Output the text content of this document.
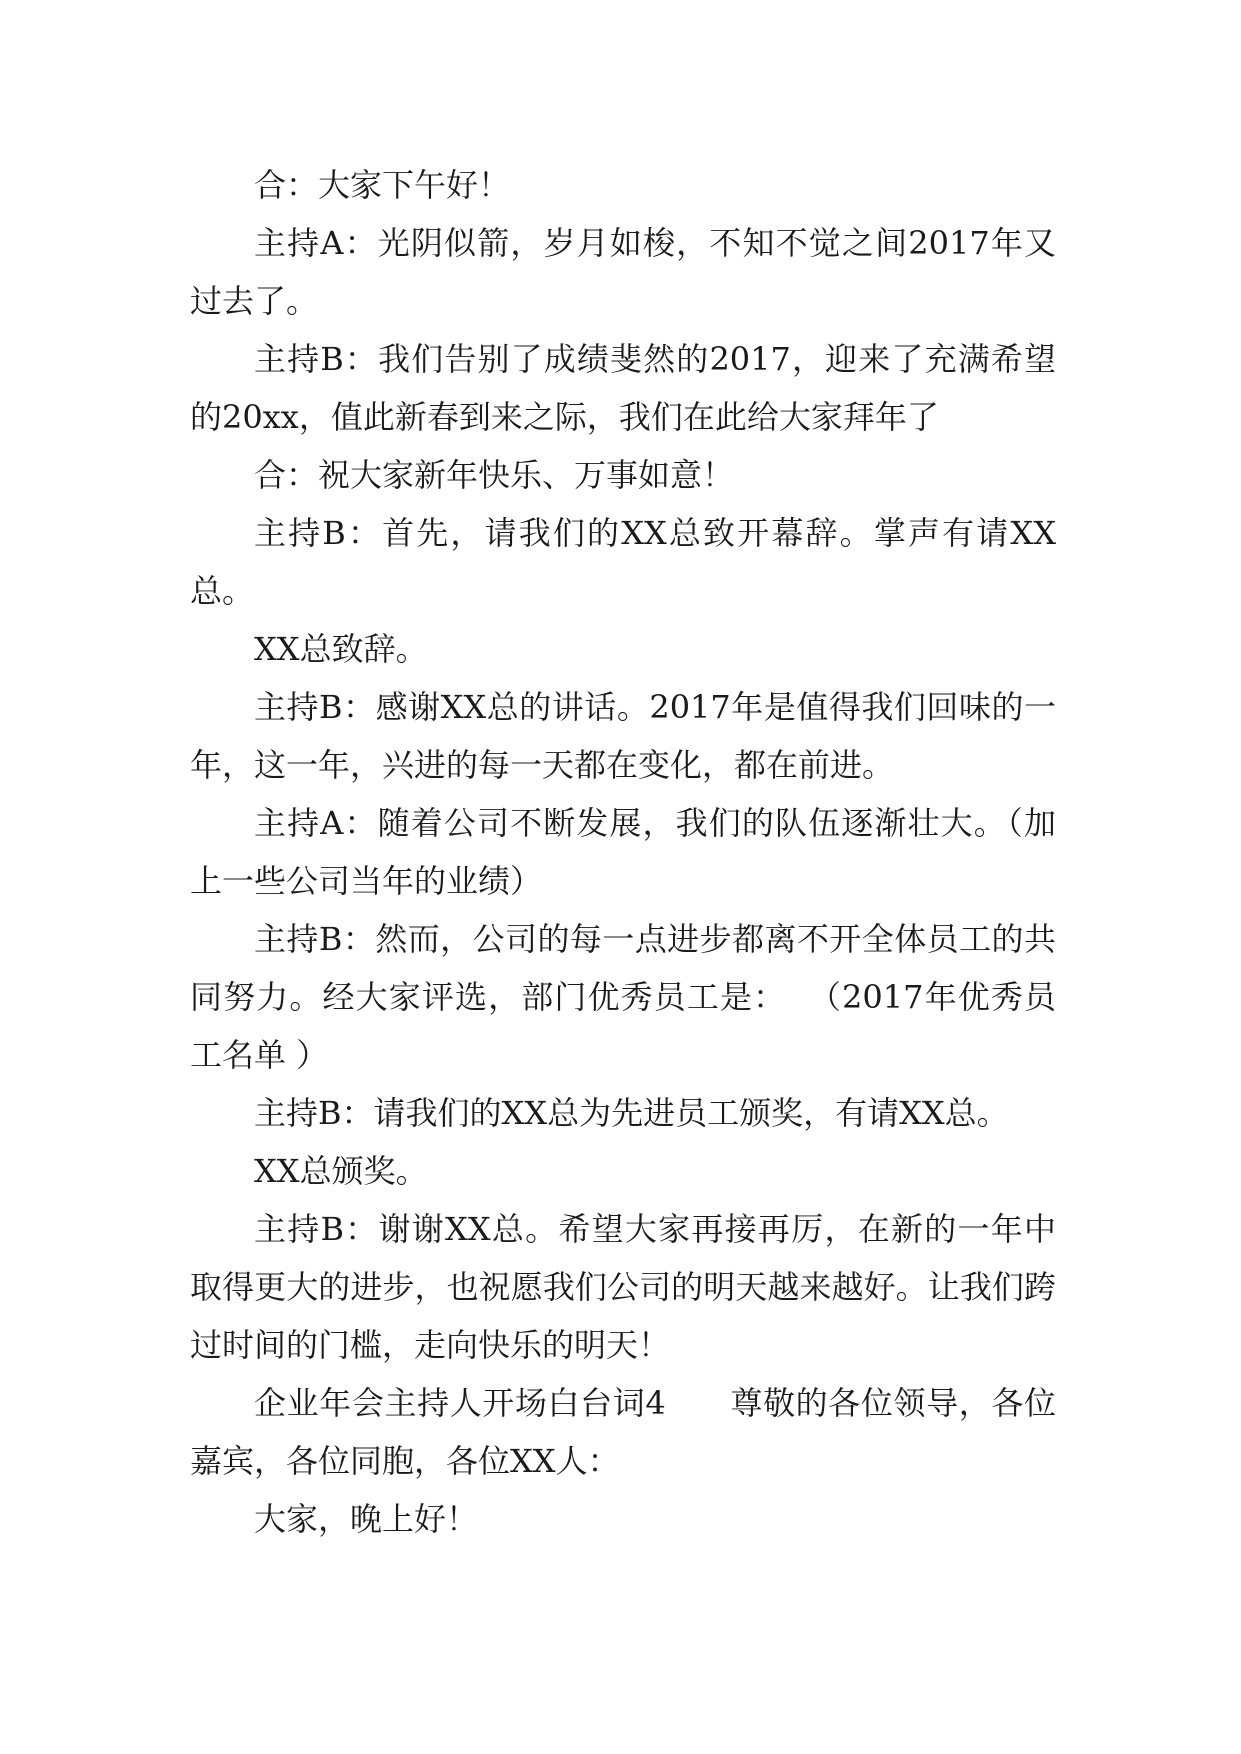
合：大家下午好！

主持A：光阴似箭，岁月如梭，不知不觉之间2017年又过去了。

主持B：我们告别了成绩斐然的2017，迎来了充满希望的20xx，值此新春到来之际，我们在此给大家拜年了

合：祝大家新年快乐、万事如意！

主持B：首先，请我们的XX总致开幕辞。掌声有请XX总。

XX总致辞。

主持B：感谢XX总的讲话。2017年是值得我们回味的一年，这一年，兴进的每一天都在变化，都在前进。

主持A：随着公司不断发展，我们的队伍逐渐壮大。（加上一些公司当年的业绩）

主持B：然而，公司的每一点进步都离不开全体员工的共同努力。经大家评选，部门优秀员工是：  （2017年优秀员工名单 ）

主持B：请我们的XX总为先进员工颁奖，有请XX总。

XX总颁奖。

主持B：谢谢XX总。希望大家再接再厉，在新的一年中取得更大的进步，也祝愿我们公司的明天越来越好。让我们跨过时间的门槛，走向快乐的明天！

企业年会主持人开场白台词4      尊敬的各位领导，各位嘉宾，各位同胞，各位XX人：

大家，晚上好！
